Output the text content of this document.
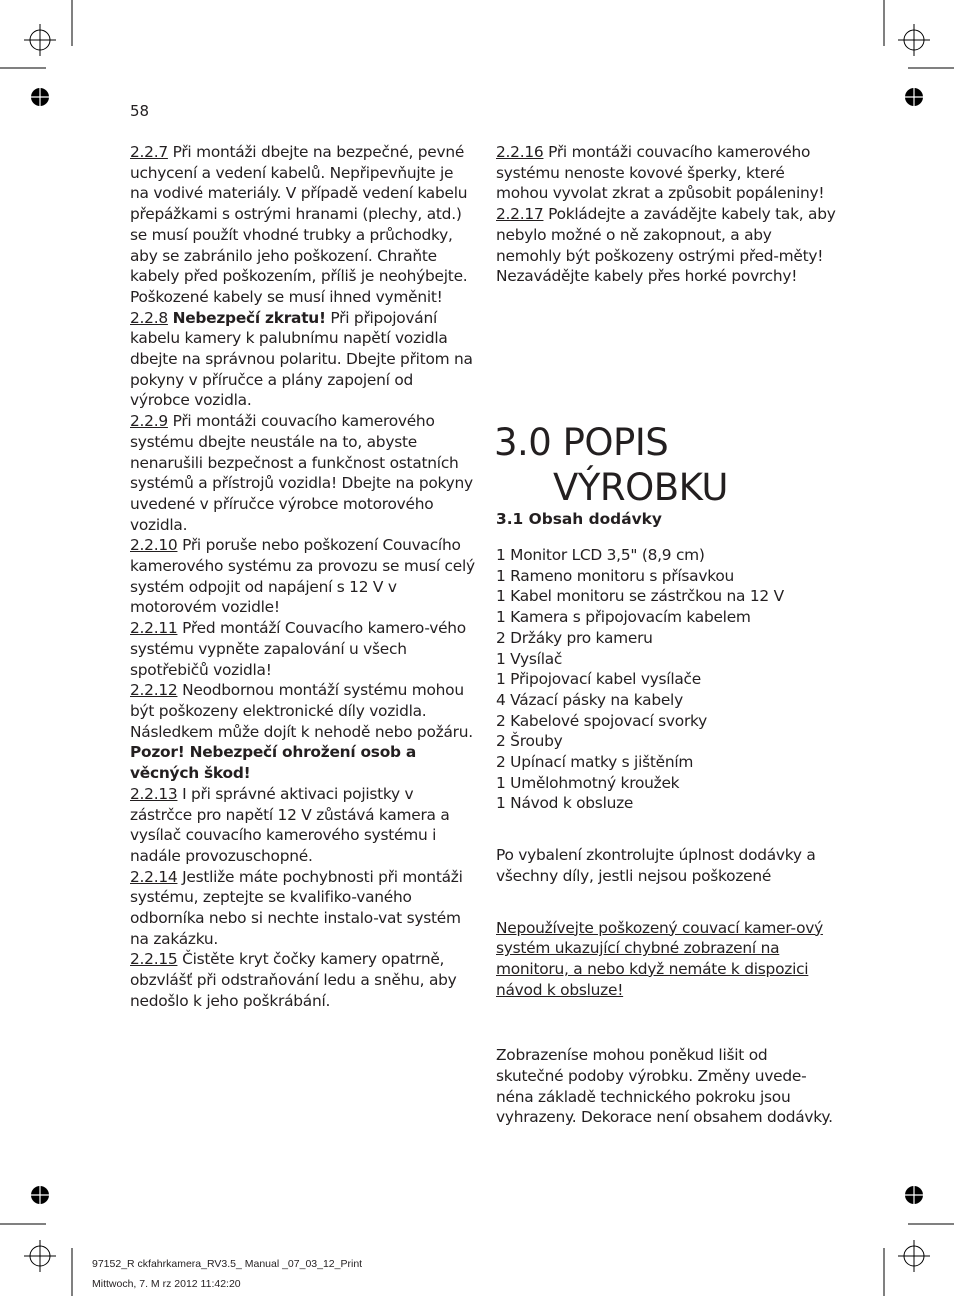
58

2.2.7 Při montáži dbejte na bezpečné, pevné uchycení a vedení kabelů. Nepřipevňujte je na vodivé materiály. V případě vedení kabelu přepážkami s ostrými hranami (plechy, atd.) se musí použít vhodné trubky a průchodky, aby se zabránilo jeho poškození. Chraňte kabely před poškozením, příliš je neohýbejte. Poškozené kabely se musí ihned vyměnit!

2.2.8 Nebezpečí zkratu! Při připojování kabelu kamery k palubnímu napětí vozidla dbejte na správnou polaritu. Dbejte přitom na pokyny v příručce a plány zapojení od výrobce vozidla.

2.2.9 Při montáži couvacího kamerového systému dbejte neustále na to, abyste nenarušili bezpečnost a funkčnost ostatních systémů a přístrojů vozidla! Dbejte na pokyny uvedené v příručce výrobce motorového vozidla.

2.2.10 Při poruše nebo poškození Couvacího kamerového systému za provozu se musí celý systém odpojit od napájení s 12 V v motorovém vozidle!

2.2.11 Před montáží Couvacího kamero-vého systému vypněte zapalování u všech spotřebičů vozidla!

2.2.12 Neodbornou montáží systému mohou být poškozeny elektronické díly vozidla. Následkem může dojít k nehodě nebo požáru. Pozor! Nebezpečí ohrožení osob a věcných škod!

2.2.13 I při správné aktivaci pojistky v zástrčce pro napětí 12 V zůstává kamera a vysílač couvacího kamerového systému i nadále provozuschopné.

2.2.14 Jestliže máte pochybnosti při montáži systému, zeptejte se kvalifiko-vaného odborníka nebo si nechte instalo-vat systém na zakázku.

2.2.15 Čistěte kryt čočky kamery opatrně, obzvlášť při odstraňování ledu a sněhu, aby nedošlo k jeho poškrábání.

2.2.16 Při montáži couvacího kamerového systému nenoste kovové šperky, které mohou vyvolat zkrat a způsobit popáleniny!

2.2.17 Pokládejte a zavádějte kabely tak, aby nebylo možné o ně zakopnout, a aby nemohly být poškozeny ostrými před-měty! Nezavádějte kabely přes horké povrchy!

3.0 POPIS
VÝROBKU
3.1 Obsah dodávky
1 Monitor LCD 3,5" (8,9 cm)
1 Rameno monitoru s přísavkou
1 Kabel monitoru se zástrčkou na 12 V
1 Kamera s připojovacím kabelem
2 Držáky pro kameru
1 Vysílač
1 Připojovací kabel vysílače
4 Vázací pásky na kabely
2 Kabelové spojovací svorky
2 Šrouby
2 Upínací matky s jištěním
1 Umělohmotný kroužek
1 Návod k obsluze

Po vybalení zkontrolujte úplnost dodávky a všechny díly, jestli nejsou poškozené

Nepoužívejte poškozený couvací kamer-ový systém ukazující chybné zobrazení na monitoru, a nebo když nemáte k dispozici návod k obsluze!

Zobrazeníse mohou poněkud lišit od skutečné podoby výrobku. Změny uvede-néna základě technického pokroku jsou vyhrazeny. Dekorace není obsahem dodávky.

97152_R ckfahrkamera_RV3.5_ Manual _07_03_12_Print
Mittwoch, 7. M rz 2012 11:42:20
